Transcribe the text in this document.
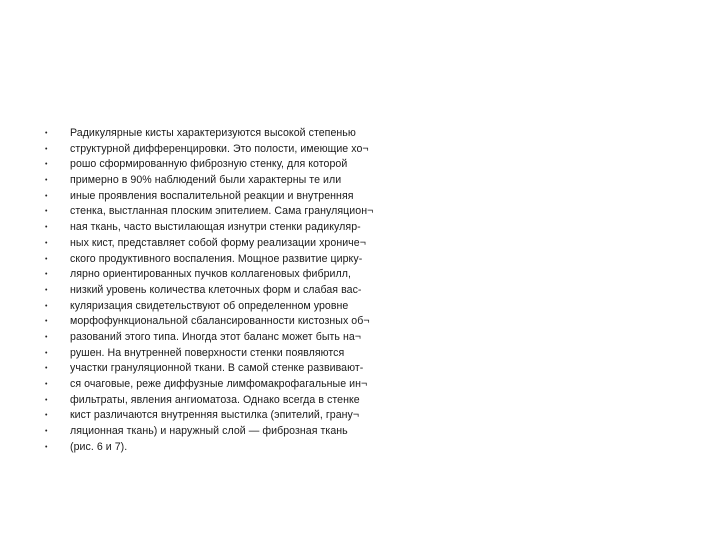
•	Радикулярные кисты характеризуются высокой степенью
•	структурной дифференцировки. Это полости, имеющие хо¬
•	рошо сформированную фиброзную стенку, для которой
•	примерно в 90% наблюдений были характерны те или
•	иные проявления воспалительной реакции и внутренняя
•	стенка, выстланная плоским эпителием. Сама грануляцион¬
•	ная ткань, часто выстилающая изнутри стенки радикуляр-
•	ных кист, представляет собой форму реализации хрониче¬
•	ского продуктивного воспаления. Мощное развитие цирку-
•	лярно ориентированных пучков коллагеновых фибрилл,
•	низкий уровень количества клеточных форм и слабая вас-
•	куляризация свидетельствуют об определенном уровне
•	морфофункциональной сбалансированности кистозных об¬
•	разований этого типа. Иногда этот баланс может быть на¬
•	рушен. На внутренней поверхности стенки появляются
•	участки грануляционной ткани. В самой стенке развивают-
•	ся очаговые, реже диффузные лимфомакрофагальные ин¬
•	фильтраты, явления ангиоматоза. Однако всегда в стенке
•	кист различаются внутренняя выстилка (эпителий, грану¬
•	ляционная ткань) и наружный слой — фиброзная ткань
•	(рис. 6 и 7).
